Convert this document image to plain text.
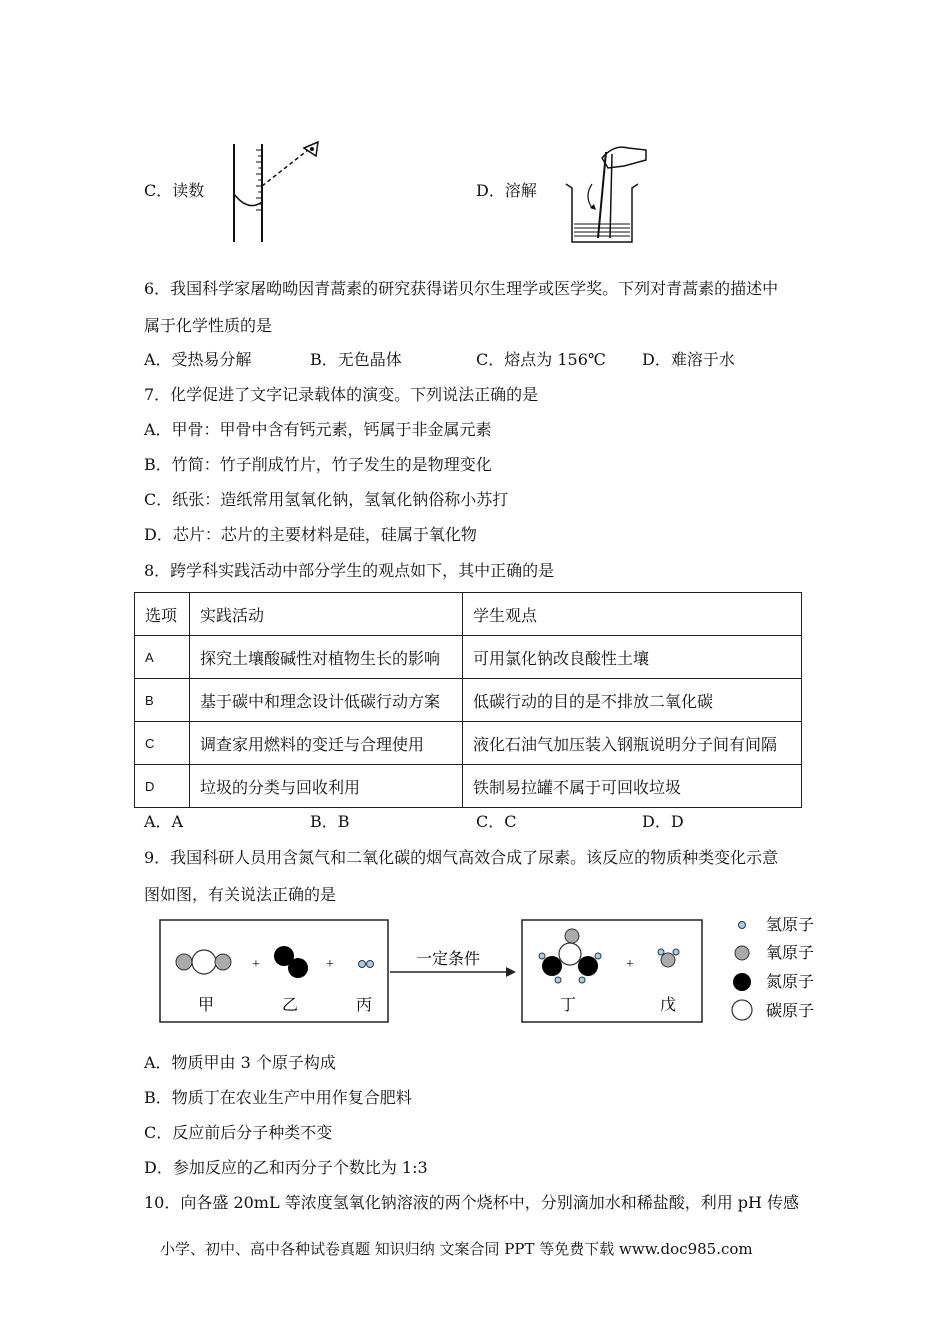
C．读数	D．溶解
6．我国科学家屠呦呦因青蒿素的研究获得诺贝尔生理学或医学奖。下列对青蒿素的描述中
属于化学性质的是
A．受热易分解	B．无色晶体	C．熔点为 156℃ D．难溶于水
7．化学促进了文字记录载体的演变。下列说法正确的是
A．甲骨：甲骨中含有钙元素，钙属于非金属元素
B．竹简：竹子削成竹片，竹子发生的是物理变化
C．纸张：造纸常用氢氧化钠，氢氧化钠俗称小苏打
D．芯片：芯片的主要材料是硅，硅属于氧化物
8．跨学科实践活动中部分学生的观点如下，其中正确的是
选项	实践活动	学生观点
A	探究土壤酸碱性对植物生长的影响	可用氯化钠改良酸性土壤
B	基于碳中和理念设计低碳行动方案	低碳行动的目的是不排放二氧化碳
C	调查家用燃料的变迁与合理使用	液化石油气加压装入钢瓶说明分子间有间隔
D	垃圾的分类与回收利用	铁制易拉罐不属于可回收垃圾
A．A	B．B	C．C	D．D
9．我国科研人员用含氮气和二氧化碳的烟气高效合成了尿素。该反应的物质种类变化示意
图如图，有关说法正确的是
+	+
甲	乙	丙
一定条件	+
丁	戊
氢原子
氧原子
氮原子
碳原子
A．物质甲由 3 个原子构成
B．物质丁在农业生产中用作复合肥料
C．反应前后分子种类不变
D．参加反应的乙和丙分子个数比为 1:3
10．向各盛 20mL 等浓度氢氧化钠溶液的两个烧杯中，分别滴加水和稀盐酸，利用 pH 传感
小学、初中、高中各种试卷真题 知识归纳 文案合同 PPT 等免费下载 www.doc985.com
